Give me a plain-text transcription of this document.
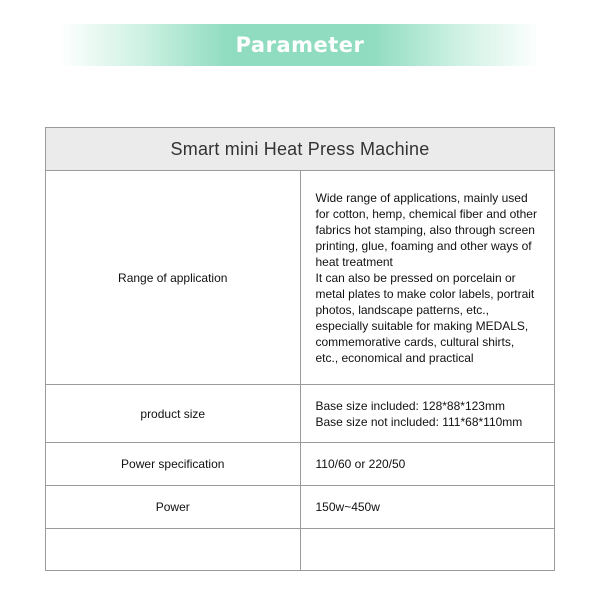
Parameter
Smart mini Heat Press Machine	
Range of application	Wide range of applications, mainly used for cotton, hemp, chemical fiber and other fabrics hot stamping, also through screen printing, glue, foaming and other ways of heat treatment
It can also be pressed on porcelain or metal plates to make color labels, portrait photos, landscape patterns, etc., especially suitable for making MEDALS, commemorative cards, cultural shirts, etc., economical and practical

product size	Base size included: 128*88*123mm
Base size not included: 111*68*110mm

Power specification	110/60 or 220/50

Power	150w~450w
